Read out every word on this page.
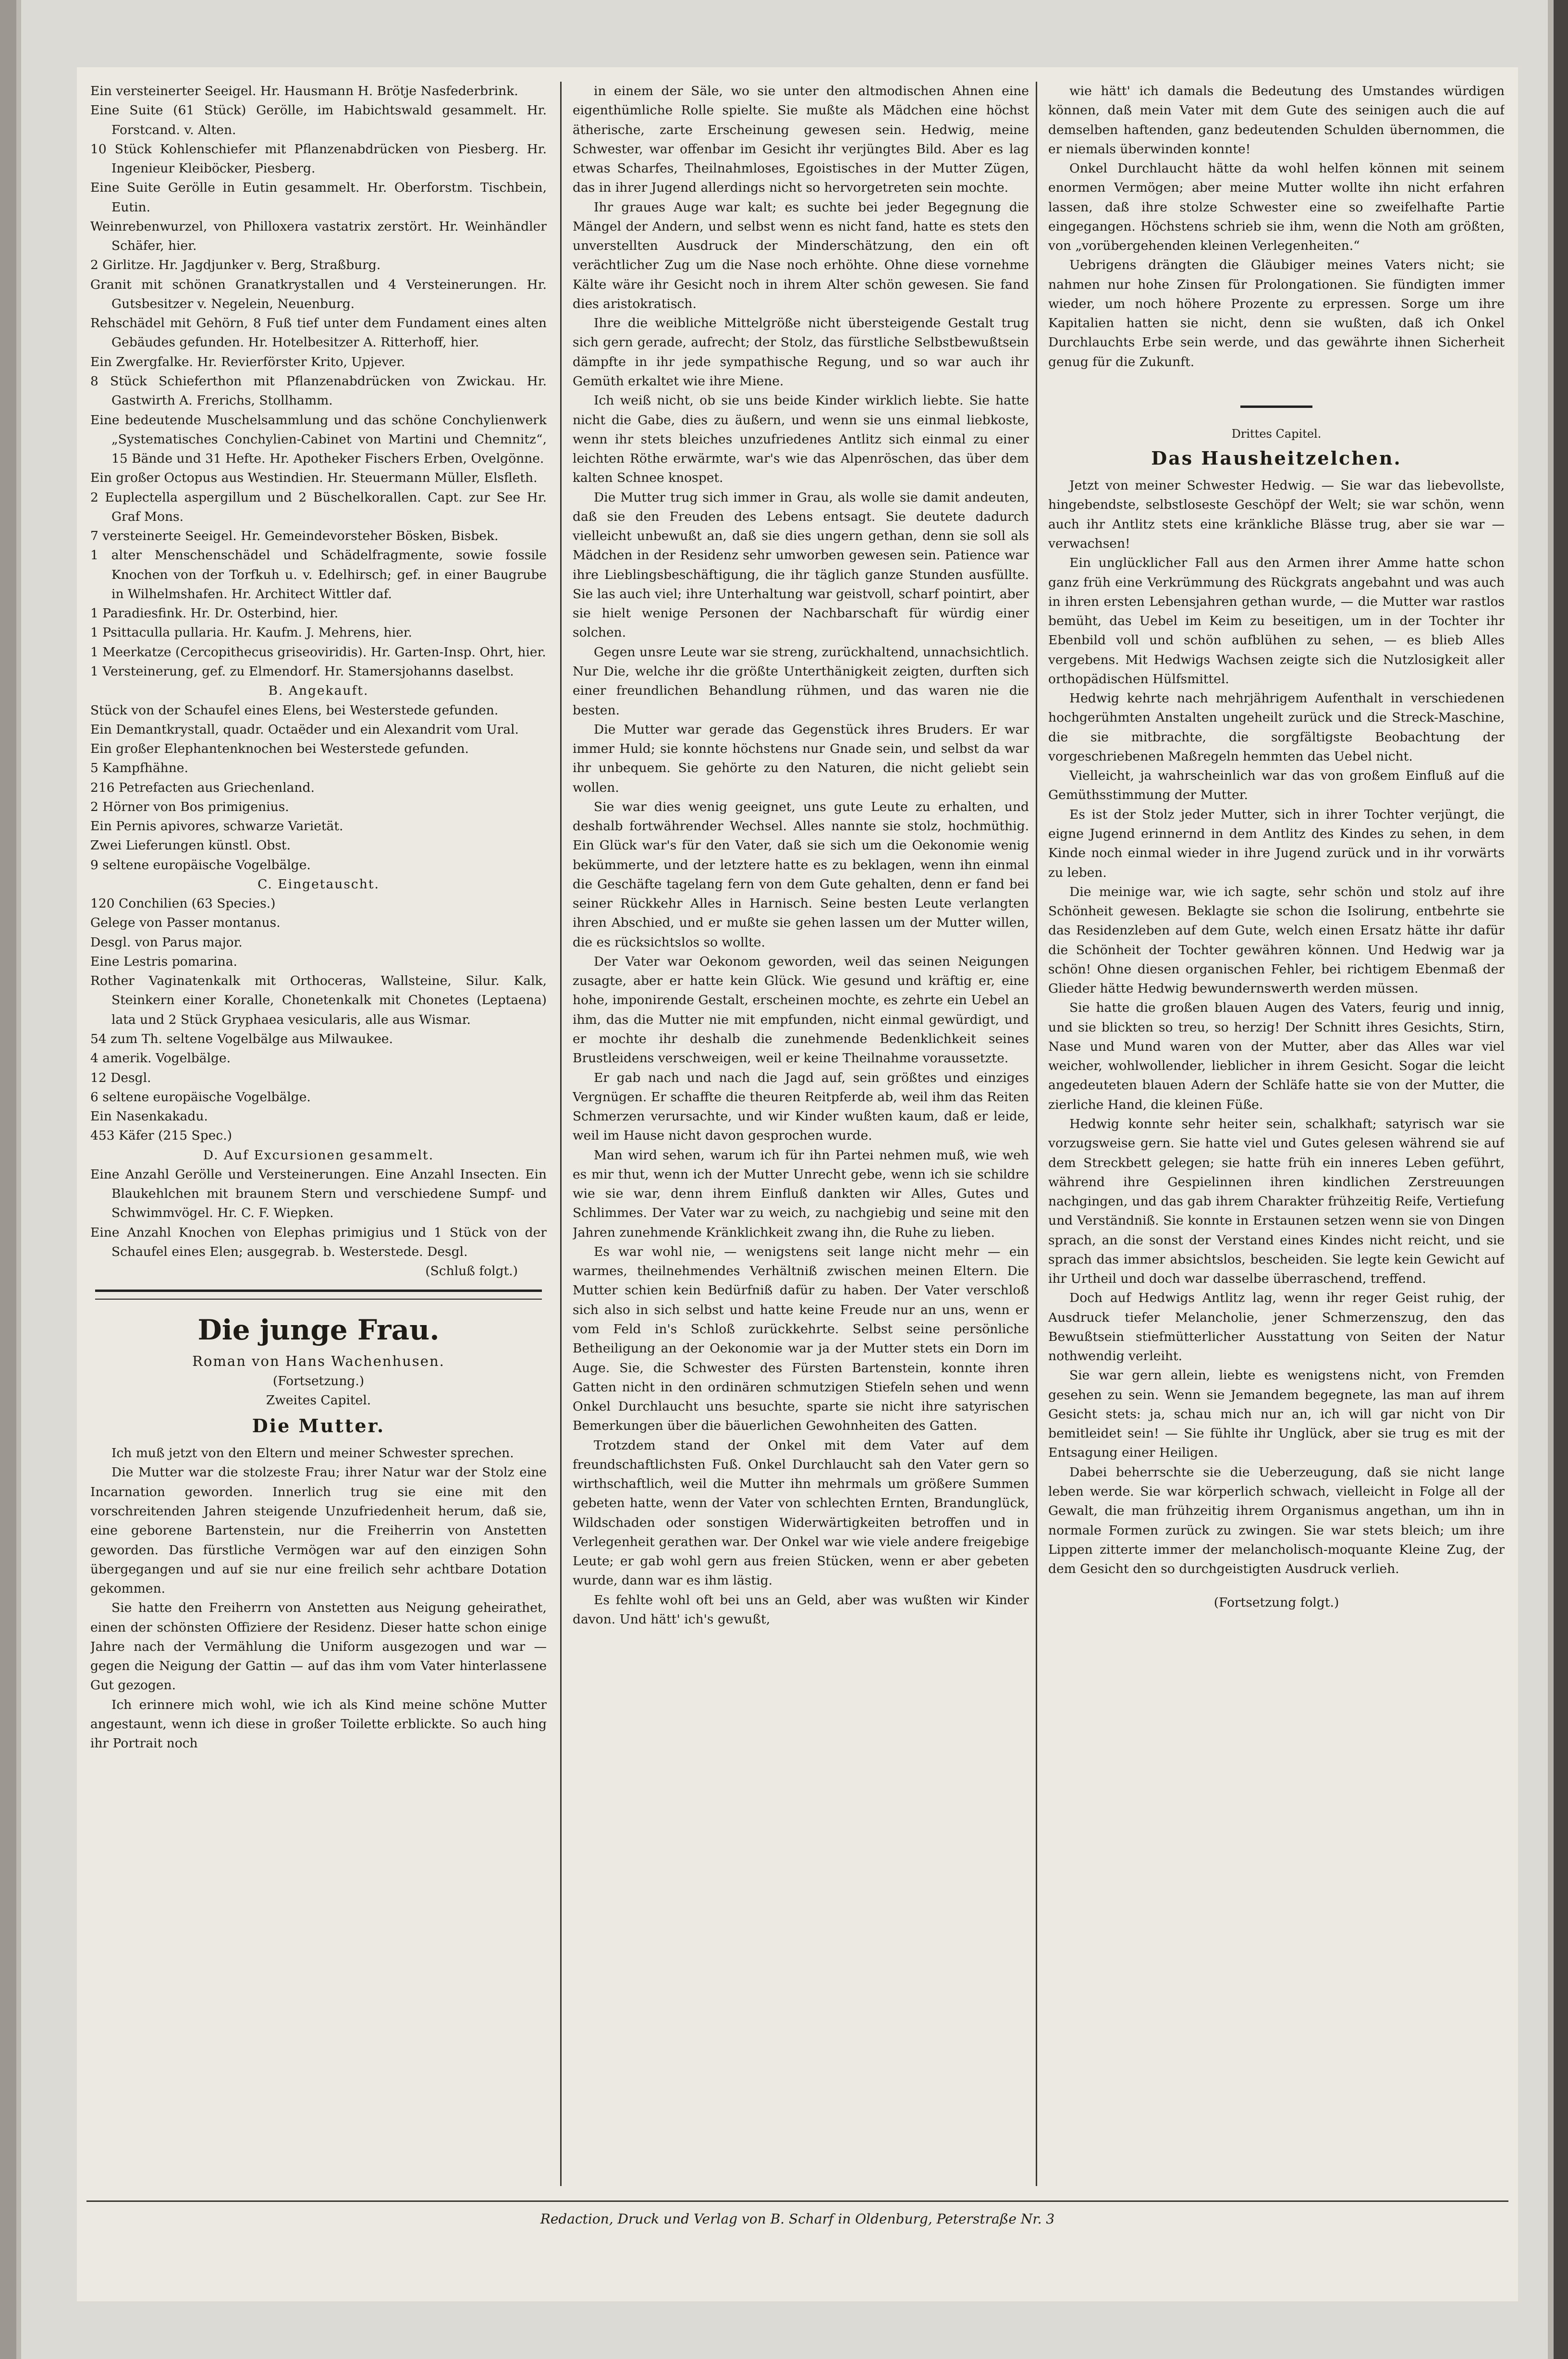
Ein versteinerter Seeigel. Hr. Hausmann H. Brötje Nasfederbrink.

Eine Suite (61 Stück) Gerölle, im Habichtswald gesammelt. Hr. Forstcand. v. Alten.

10 Stück Kohlenschiefer mit Pflanzenabdrücken von Piesberg. Hr. Ingenieur Kleiböcker, Piesberg.

Eine Suite Gerölle in Eutin gesammelt. Hr. Oberforstm. Tischbein, Eutin.

Weinrebenwurzel, von Philloxera vastatrix zerstört. Hr. Weinhändler Schäfer, hier.

2 Girlitze. Hr. Jagdjunker v. Berg, Straßburg.

Granit mit schönen Granatkrystallen und 4 Versteinerungen. Hr. Gutsbesitzer v. Negelein, Neuenburg.

Rehschädel mit Gehörn, 8 Fuß tief unter dem Fundament eines alten Gebäudes gefunden. Hr. Hotelbesitzer A. Ritterhoff, hier.

Ein Zwergfalke. Hr. Revierförster Krito, Upjever.

8 Stück Schieferthon mit Pflanzenabdrücken von Zwickau. Hr. Gastwirth A. Frerichs, Stollhamm.

Eine bedeutende Muschelsammlung und das schöne Conchylienwerk „Systematisches Conchylien-Cabinet von Martini und Chemnitz“, 15 Bände und 31 Hefte. Hr. Apotheker Fischers Erben, Ovelgönne.

Ein großer Octopus aus Westindien. Hr. Steuermann Müller, Elsfleth.

2 Euplectella aspergillum und 2 Büschelkorallen. Capt. zur See Hr. Graf Mons.

7 versteinerte Seeigel. Hr. Gemeindevorsteher Bösken, Bisbek.

1 alter Menschenschädel und Schädelfragmente, sowie fossile Knochen von der Torfkuh u. v. Edelhirsch; gef. in einer Baugrube in Wilhelmshafen. Hr. Architect Wittler daf.

1 Paradiesfink. Hr. Dr. Osterbind, hier.

1 Psittaculla pullaria. Hr. Kaufm. J. Mehrens, hier.

1 Meerkatze (Cercopithecus griseoviridis). Hr. Garten-Insp. Ohrt, hier.

1 Versteinerung, gef. zu Elmendorf. Hr. Stamersjohanns daselbst.

B. Angekauft.

Stück von der Schaufel eines Elens, bei Westerstede gefunden.

Ein Demantkrystall, quadr. Octaëder und ein Alexandrit vom Ural.

Ein großer Elephantenknochen bei Westerstede gefunden.

5 Kampfhähne.

216 Petrefacten aus Griechenland.

2 Hörner von Bos primigenius.

Ein Pernis apivores, schwarze Varietät.

Zwei Lieferungen künstl. Obst.

9 seltene europäische Vogelbälge.

C. Eingetauscht.

120 Conchilien (63 Species.)

Gelege von Passer montanus.

Desgl. von Parus major.

Eine Lestris pomarina.

Rother Vaginatenkalk mit Orthoceras, Wallsteine, Silur. Kalk, Steinkern einer Koralle, Chonetenkalk mit Chonetes (Leptaena) lata und 2 Stück Gryphaea vesicularis, alle aus Wismar.

54 zum Th. seltene Vogelbälge aus Milwaukee.

4 amerik. Vogelbälge.

12 Desgl.

6 seltene europäische Vogelbälge.

Ein Nasenkakadu.

453 Käfer (215 Spec.)

D. Auf Excursionen gesammelt.

Eine Anzahl Gerölle und Versteinerungen. Eine Anzahl Insecten. Ein Blaukehlchen mit braunem Stern und verschiedene Sumpf- und Schwimmvögel. Hr. C. F. Wiepken.

Eine Anzahl Knochen von Elephas primigius und 1 Stück von der Schaufel eines Elen; ausgegrab. b. Westerstede. Desgl.

(Schluß folgt.)

Die junge Frau.

Roman von Hans Wachenhusen.

(Fortsetzung.)

Zweites Capitel.

Die Mutter.

Ich muß jetzt von den Eltern und meiner Schwester sprechen.

Die Mutter war die stolzeste Frau; ihrer Natur war der Stolz eine Incarnation geworden. Innerlich trug sie eine mit den vorschreitenden Jahren steigende Unzufriedenheit herum, daß sie, eine geborene Bartenstein, nur die Freiherrin von Anstetten geworden. Das fürstliche Vermögen war auf den einzigen Sohn übergegangen und auf sie nur eine freilich sehr achtbare Dotation gekommen.

Sie hatte den Freiherrn von Anstetten aus Neigung geheirathet, einen der schönsten Offiziere der Residenz. Dieser hatte schon einige Jahre nach der Vermählung die Uniform ausgezogen und war — gegen die Neigung der Gattin — auf das ihm vom Vater hinterlassene Gut gezogen.

Ich erinnere mich wohl, wie ich als Kind meine schöne Mutter angestaunt, wenn ich diese in großer Toilette erblickte. So auch hing ihr Portrait noch

in einem der Säle, wo sie unter den altmodischen Ahnen eine eigenthümliche Rolle spielte. Sie mußte als Mädchen eine höchst ätherische, zarte Erscheinung gewesen sein. Hedwig, meine Schwester, war offenbar im Gesicht ihr verjüngtes Bild. Aber es lag etwas Scharfes, Theilnahmloses, Egoistisches in der Mutter Zügen, das in ihrer Jugend allerdings nicht so hervorgetreten sein mochte.

Ihr graues Auge war kalt; es suchte bei jeder Begegnung die Mängel der Andern, und selbst wenn es nicht fand, hatte es stets den unverstellten Ausdruck der Minderschätzung, den ein oft verächtlicher Zug um die Nase noch erhöhte. Ohne diese vornehme Kälte wäre ihr Gesicht noch in ihrem Alter schön gewesen. Sie fand dies aristokratisch.

Ihre die weibliche Mittelgröße nicht übersteigende Gestalt trug sich gern gerade, aufrecht; der Stolz, das fürstliche Selbstbewußtsein dämpfte in ihr jede sympathische Regung, und so war auch ihr Gemüth erkaltet wie ihre Miene.

Ich weiß nicht, ob sie uns beide Kinder wirklich liebte. Sie hatte nicht die Gabe, dies zu äußern, und wenn sie uns einmal liebkoste, wenn ihr stets bleiches unzufriedenes Antlitz sich einmal zu einer leichten Röthe erwärmte, war's wie das Alpenröschen, das über dem kalten Schnee knospet.

Die Mutter trug sich immer in Grau, als wolle sie damit andeuten, daß sie den Freuden des Lebens entsagt. Sie deutete dadurch vielleicht unbewußt an, daß sie dies ungern gethan, denn sie soll als Mädchen in der Residenz sehr umworben gewesen sein. Patience war ihre Lieblingsbeschäftigung, die ihr täglich ganze Stunden ausfüllte. Sie las auch viel; ihre Unterhaltung war geistvoll, scharf pointirt, aber sie hielt wenige Personen der Nachbarschaft für würdig einer solchen.

Gegen unsre Leute war sie streng, zurückhaltend, unnachsichtlich. Nur Die, welche ihr die größte Unterthänigkeit zeigten, durften sich einer freundlichen Behandlung rühmen, und das waren nie die besten.

Die Mutter war gerade das Gegenstück ihres Bruders. Er war immer Huld; sie konnte höchstens nur Gnade sein, und selbst da war ihr unbequem. Sie gehörte zu den Naturen, die nicht geliebt sein wollen.

Sie war dies wenig geeignet, uns gute Leute zu erhalten, und deshalb fortwährender Wechsel. Alles nannte sie stolz, hochmüthig. Ein Glück war's für den Vater, daß sie sich um die Oekonomie wenig bekümmerte, und der letztere hatte es zu beklagen, wenn ihn einmal die Geschäfte tagelang fern von dem Gute gehalten, denn er fand bei seiner Rückkehr Alles in Harnisch. Seine besten Leute verlangten ihren Abschied, und er mußte sie gehen lassen um der Mutter willen, die es rücksichtslos so wollte.

Der Vater war Oekonom geworden, weil das seinen Neigungen zusagte, aber er hatte kein Glück. Wie gesund und kräftig er, eine hohe, imponirende Gestalt, erscheinen mochte, es zehrte ein Uebel an ihm, das die Mutter nie mit empfunden, nicht einmal gewürdigt, und er mochte ihr deshalb die zunehmende Bedenklichkeit seines Brustleidens verschweigen, weil er keine Theilnahme voraussetzte.

Er gab nach und nach die Jagd auf, sein größtes und einziges Vergnügen. Er schaffte die theuren Reitpferde ab, weil ihm das Reiten Schmerzen verursachte, und wir Kinder wußten kaum, daß er leide, weil im Hause nicht davon gesprochen wurde.

Man wird sehen, warum ich für ihn Partei nehmen muß, wie weh es mir thut, wenn ich der Mutter Unrecht gebe, wenn ich sie schildre wie sie war, denn ihrem Einfluß dankten wir Alles, Gutes und Schlimmes. Der Vater war zu weich, zu nachgiebig und seine mit den Jahren zunehmende Kränklichkeit zwang ihn, die Ruhe zu lieben.

Es war wohl nie, — wenigstens seit lange nicht mehr — ein warmes, theilnehmendes Verhältniß zwischen meinen Eltern. Die Mutter schien kein Bedürfniß dafür zu haben. Der Vater verschloß sich also in sich selbst und hatte keine Freude nur an uns, wenn er vom Feld in's Schloß zurückkehrte. Selbst seine persönliche Betheiligung an der Oekonomie war ja der Mutter stets ein Dorn im Auge. Sie, die Schwester des Fürsten Bartenstein, konnte ihren Gatten nicht in den ordinären schmutzigen Stiefeln sehen und wenn Onkel Durchlaucht uns besuchte, sparte sie nicht ihre satyrischen Bemerkungen über die bäuerlichen Gewohnheiten des Gatten.

Trotzdem stand der Onkel mit dem Vater auf dem freundschaftlichsten Fuß. Onkel Durchlaucht sah den Vater gern so wirthschaftlich, weil die Mutter ihn mehrmals um größere Summen gebeten hatte, wenn der Vater von schlechten Ernten, Brandunglück, Wildschaden oder sonstigen Widerwärtigkeiten betroffen und in Verlegenheit gerathen war. Der Onkel war wie viele andere freigebige Leute; er gab wohl gern aus freien Stücken, wenn er aber gebeten wurde, dann war es ihm lästig.

Es fehlte wohl oft bei uns an Geld, aber was wußten wir Kinder davon. Und hätt' ich's gewußt,

wie hätt' ich damals die Bedeutung des Umstandes würdigen können, daß mein Vater mit dem Gute des seinigen auch die auf demselben haftenden, ganz bedeutenden Schulden übernommen, die er niemals überwinden konnte!

Onkel Durchlaucht hätte da wohl helfen können mit seinem enormen Vermögen; aber meine Mutter wollte ihn nicht erfahren lassen, daß ihre stolze Schwester eine so zweifelhafte Partie eingegangen. Höchstens schrieb sie ihm, wenn die Noth am größten, von „vorübergehenden kleinen Verlegenheiten.“

Uebrigens drängten die Gläubiger meines Vaters nicht; sie nahmen nur hohe Zinsen für Prolongationen. Sie fündigten immer wieder, um noch höhere Prozente zu erpressen. Sorge um ihre Kapitalien hatten sie nicht, denn sie wußten, daß ich Onkel Durchlauchts Erbe sein werde, und das gewährte ihnen Sicherheit genug für die Zukunft.

Drittes Capitel.

Das Hausheitzelchen.

Jetzt von meiner Schwester Hedwig. — Sie war das liebevollste, hingebendste, selbstloseste Geschöpf der Welt; sie war schön, wenn auch ihr Antlitz stets eine kränkliche Blässe trug, aber sie war — verwachsen!

Ein unglücklicher Fall aus den Armen ihrer Amme hatte schon ganz früh eine Verkrümmung des Rückgrats angebahnt und was auch in ihren ersten Lebensjahren gethan wurde, — die Mutter war rastlos bemüht, das Uebel im Keim zu beseitigen, um in der Tochter ihr Ebenbild voll und schön aufblühen zu sehen, — es blieb Alles vergebens. Mit Hedwigs Wachsen zeigte sich die Nutzlosigkeit aller orthopädischen Hülfsmittel.

Hedwig kehrte nach mehrjährigem Aufenthalt in verschiedenen hochgerühmten Anstalten ungeheilt zurück und die Streck-Maschine, die sie mitbrachte, die sorgfältigste Beobachtung der vorgeschriebenen Maßregeln hemmten das Uebel nicht.

Vielleicht, ja wahrscheinlich war das von großem Einfluß auf die Gemüthsstimmung der Mutter.

Es ist der Stolz jeder Mutter, sich in ihrer Tochter verjüngt, die eigne Jugend erinnernd in dem Antlitz des Kindes zu sehen, in dem Kinde noch einmal wieder in ihre Jugend zurück und in ihr vorwärts zu leben.

Die meinige war, wie ich sagte, sehr schön und stolz auf ihre Schönheit gewesen. Beklagte sie schon die Isolirung, entbehrte sie das Residenzleben auf dem Gute, welch einen Ersatz hätte ihr dafür die Schönheit der Tochter gewähren können. Und Hedwig war ja schön! Ohne diesen organischen Fehler, bei richtigem Ebenmaß der Glieder hätte Hedwig bewundernswerth werden müssen.

Sie hatte die großen blauen Augen des Vaters, feurig und innig, und sie blickten so treu, so herzig! Der Schnitt ihres Gesichts, Stirn, Nase und Mund waren von der Mutter, aber das Alles war viel weicher, wohlwollender, lieblicher in ihrem Gesicht. Sogar die leicht angedeuteten blauen Adern der Schläfe hatte sie von der Mutter, die zierliche Hand, die kleinen Füße.

Hedwig konnte sehr heiter sein, schalkhaft; satyrisch war sie vorzugsweise gern. Sie hatte viel und Gutes gelesen während sie auf dem Streckbett gelegen; sie hatte früh ein inneres Leben geführt, während ihre Gespielinnen ihren kindlichen Zerstreuungen nachgingen, und das gab ihrem Charakter frühzeitig Reife, Vertiefung und Verständniß. Sie konnte in Erstaunen setzen wenn sie von Dingen sprach, an die sonst der Verstand eines Kindes nicht reicht, und sie sprach das immer absichtslos, bescheiden. Sie legte kein Gewicht auf ihr Urtheil und doch war dasselbe überraschend, treffend.

Doch auf Hedwigs Antlitz lag, wenn ihr reger Geist ruhig, der Ausdruck tiefer Melancholie, jener Schmerzenszug, den das Bewußtsein stiefmütterlicher Ausstattung von Seiten der Natur nothwendig verleiht.

Sie war gern allein, liebte es wenigstens nicht, von Fremden gesehen zu sein. Wenn sie Jemandem begegnete, las man auf ihrem Gesicht stets: ja, schau mich nur an, ich will gar nicht von Dir bemitleidet sein! — Sie fühlte ihr Unglück, aber sie trug es mit der Entsagung einer Heiligen.

Dabei beherrschte sie die Ueberzeugung, daß sie nicht lange leben werde. Sie war körperlich schwach, vielleicht in Folge all der Gewalt, die man frühzeitig ihrem Organismus angethan, um ihn in normale Formen zurück zu zwingen. Sie war stets bleich; um ihre Lippen zitterte immer der melancholisch-moquante Kleine Zug, der dem Gesicht den so durchgeistigten Ausdruck verlieh.

(Fortsetzung folgt.)

Redaction, Druck und Verlag von B. Scharf in Oldenburg, Peterstraße Nr. 3
